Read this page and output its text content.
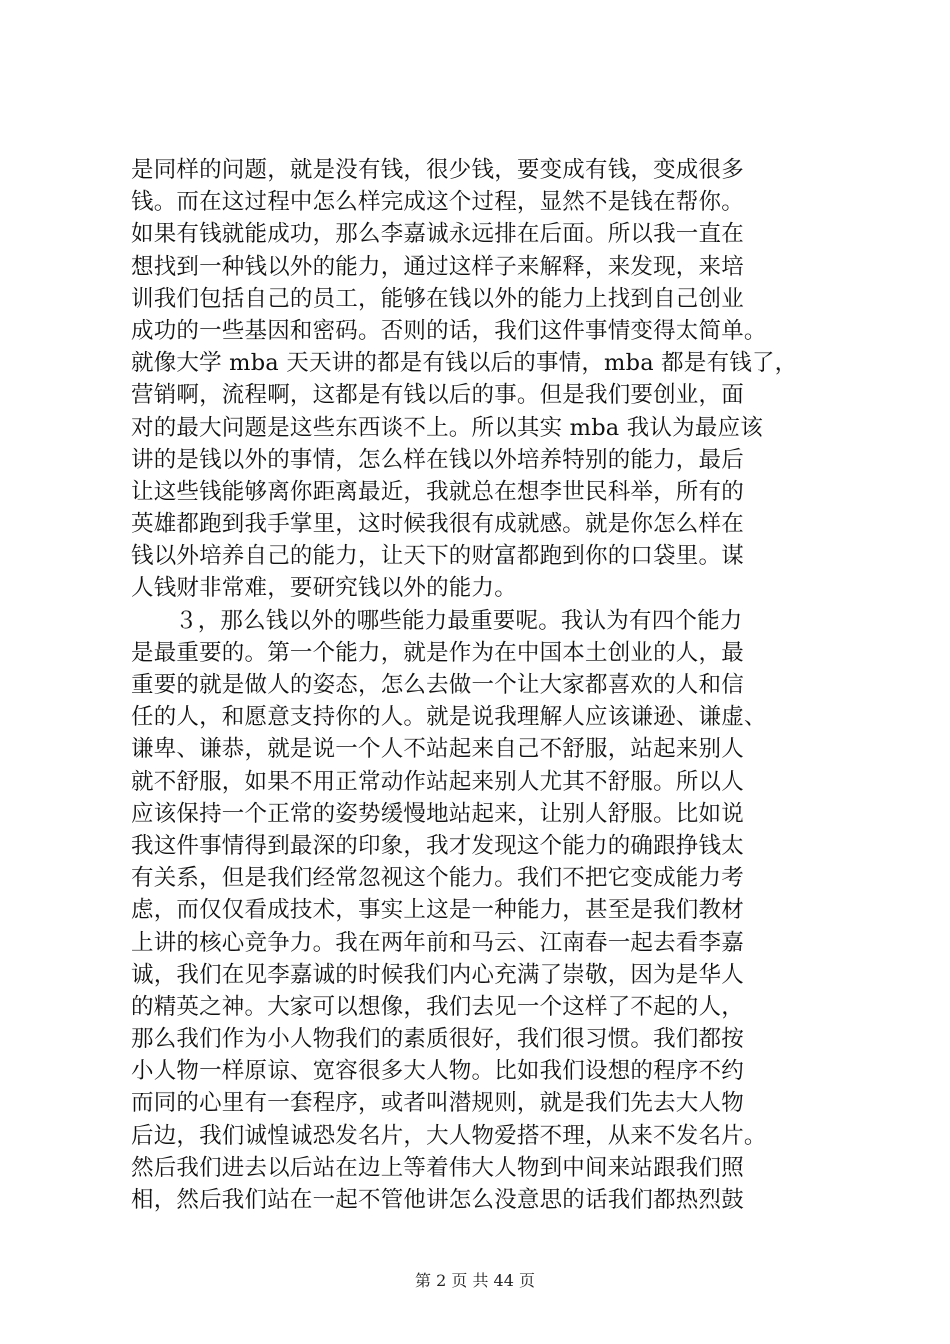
是同样的问题，就是没有钱，很少钱，要变成有钱，变成很多
钱。而在这过程中怎么样完成这个过程，显然不是钱在帮你。
如果有钱就能成功，那么李嘉诚永远排在后面。所以我一直在
想找到一种钱以外的能力，通过这样子来解释，来发现，来培
训我们包括自己的员工，能够在钱以外的能力上找到自己创业
成功的一些基因和密码。否则的话，我们这件事情变得太简单。
就像大学 mba 天天讲的都是有钱以后的事情，mba 都是有钱了，
营销啊，流程啊，这都是有钱以后的事。但是我们要创业，面
对的最大问题是这些东西谈不上。所以其实 mba 我认为最应该
讲的是钱以外的事情，怎么样在钱以外培养特别的能力，最后
让这些钱能够离你距离最近，我就总在想李世民科举，所有的
英雄都跑到我手掌里，这时候我很有成就感。就是你怎么样在
钱以外培养自己的能力，让天下的财富都跑到你的口袋里。谋
人钱财非常难，要研究钱以外的能力。
３，那么钱以外的哪些能力最重要呢。我认为有四个能力
是最重要的。第一个能力，就是作为在中国本土创业的人，最
重要的就是做人的姿态，怎么去做一个让大家都喜欢的人和信
任的人，和愿意支持你的人。就是说我理解人应该谦逊、谦虚、
谦卑、谦恭，就是说一个人不站起来自己不舒服，站起来别人
就不舒服，如果不用正常动作站起来别人尤其不舒服。所以人
应该保持一个正常的姿势缓慢地站起来，让别人舒服。比如说
我这件事情得到最深的印象，我才发现这个能力的确跟挣钱太
有关系，但是我们经常忽视这个能力。我们不把它变成能力考
虑，而仅仅看成技术，事实上这是一种能力，甚至是我们教材
上讲的核心竞争力。我在两年前和马云、江南春一起去看李嘉
诚，我们在见李嘉诚的时候我们内心充满了崇敬，因为是华人
的精英之神。大家可以想像，我们去见一个这样了不起的人，
那么我们作为小人物我们的素质很好，我们很习惯。我们都按
小人物一样原谅、宽容很多大人物。比如我们设想的程序不约
而同的心里有一套程序，或者叫潜规则，就是我们先去大人物
后边，我们诚惶诚恐发名片，大人物爱搭不理，从来不发名片。
然后我们进去以后站在边上等着伟大人物到中间来站跟我们照
相，然后我们站在一起不管他讲怎么没意思的话我们都热烈鼓
第 2 页 共 44 页
